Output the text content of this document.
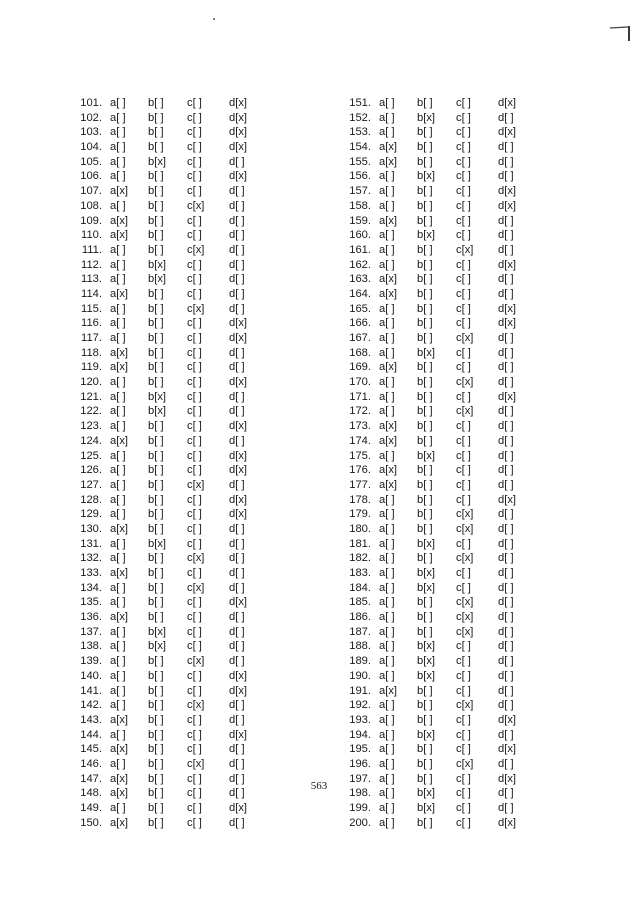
101. a[ ] b[ ] c[ ] d[x]
102. a[ ] b[ ] c[ ] d[x]
103. a[ ] b[ ] c[ ] d[x]
104. a[ ] b[ ] c[ ] d[x]
105. a[ ] b[x] c[ ] d[ ]
106. a[ ] b[ ] c[ ] d[x]
107. a[x] b[ ] c[ ] d[ ]
108. a[ ] b[ ] c[x] d[ ]
109. a[x] b[ ] c[ ] d[ ]
110. a[x] b[ ] c[ ] d[ ]
111. a[ ] b[ ] c[x] d[ ]
112. a[ ] b[x] c[ ] d[ ]
113. a[ ] b[x] c[ ] d[ ]
114. a[x] b[ ] c[ ] d[ ]
115. a[ ] b[ ] c[x] d[ ]
116. a[ ] b[ ] c[ ] d[x]
117. a[ ] b[ ] c[ ] d[x]
118. a[x] b[ ] c[ ] d[ ]
119. a[x] b[ ] c[ ] d[ ]
120. a[ ] b[ ] c[ ] d[x]
121. a[ ] b[x] c[ ] d[ ]
122. a[ ] b[x] c[ ] d[ ]
123. a[ ] b[ ] c[ ] d[x]
124. a[x] b[ ] c[ ] d[ ]
125. a[ ] b[ ] c[ ] d[x]
126. a[ ] b[ ] c[ ] d[x]
127. a[ ] b[ ] c[x] d[ ]
128. a[ ] b[ ] c[ ] d[x]
129. a[ ] b[ ] c[ ] d[x]
130. a[x] b[ ] c[ ] d[ ]
131. a[ ] b[x] c[ ] d[ ]
132. a[ ] b[ ] c[x] d[ ]
133. a[x] b[ ] c[ ] d[ ]
134. a[ ] b[ ] c[x] d[ ]
135. a[ ] b[ ] c[ ] d[x]
136. a[x] b[ ] c[ ] d[ ]
137. a[ ] b[x] c[ ] d[ ]
138. a[ ] b[x] c[ ] d[ ]
139. a[ ] b[ ] c[x] d[ ]
140. a[ ] b[ ] c[ ] d[x]
141. a[ ] b[ ] c[ ] d[x]
142. a[ ] b[ ] c[x] d[ ]
143. a[x] b[ ] c[ ] d[ ]
144. a[ ] b[ ] c[ ] d[x]
145. a[x] b[ ] c[ ] d[ ]
146. a[ ] b[ ] c[x] d[ ]
147. a[x] b[ ] c[ ] d[ ]
148. a[x] b[ ] c[ ] d[ ]
149. a[ ] b[ ] c[ ] d[x]
150. a[x] b[ ] c[ ] d[ ]
151. a[ ] b[ ] c[ ] d[x]
152. a[ ] b[x] c[ ] d[ ]
153. a[ ] b[ ] c[ ] d[x]
154. a[x] b[ ] c[ ] d[ ]
155. a[x] b[ ] c[ ] d[ ]
156. a[ ] b[x] c[ ] d[ ]
157. a[ ] b[ ] c[ ] d[x]
158. a[ ] b[ ] c[ ] d[x]
159. a[x] b[ ] c[ ] d[ ]
160. a[ ] b[x] c[ ] d[ ]
161. a[ ] b[ ] c[x] d[ ]
162. a[ ] b[ ] c[ ] d[x]
163. a[x] b[ ] c[ ] d[ ]
164. a[x] b[ ] c[ ] d[ ]
165. a[ ] b[ ] c[ ] d[x]
166. a[ ] b[ ] c[ ] d[x]
167. a[ ] b[ ] c[x] d[ ]
168. a[ ] b[x] c[ ] d[ ]
169. a[x] b[ ] c[ ] d[ ]
170. a[ ] b[ ] c[x] d[ ]
171. a[ ] b[ ] c[ ] d[x]
172. a[ ] b[ ] c[x] d[ ]
173. a[x] b[ ] c[ ] d[ ]
174. a[x] b[ ] c[ ] d[ ]
175. a[ ] b[x] c[ ] d[ ]
176. a[x] b[ ] c[ ] d[ ]
177. a[x] b[ ] c[ ] d[ ]
178. a[ ] b[ ] c[ ] d[x]
179. a[ ] b[ ] c[x] d[ ]
180. a[ ] b[ ] c[x] d[ ]
181. a[ ] b[x] c[ ] d[ ]
182. a[ ] b[ ] c[x] d[ ]
183. a[ ] b[x] c[ ] d[ ]
184. a[ ] b[x] c[ ] d[ ]
185. a[ ] b[ ] c[x] d[ ]
186. a[ ] b[ ] c[x] d[ ]
187. a[ ] b[ ] c[x] d[ ]
188. a[ ] b[x] c[ ] d[ ]
189. a[ ] b[x] c[ ] d[ ]
190. a[ ] b[x] c[ ] d[ ]
191. a[x] b[ ] c[ ] d[ ]
192. a[ ] b[ ] c[x] d[ ]
193. a[ ] b[ ] c[ ] d[x]
194. a[ ] b[x] c[ ] d[ ]
195. a[ ] b[ ] c[ ] d[x]
196. a[ ] b[ ] c[x] d[ ]
197. a[ ] b[ ] c[ ] d[x]
198. a[ ] b[x] c[ ] d[ ]
199. a[ ] b[x] c[ ] d[ ]
200. a[ ] b[ ] c[ ] d[x]
563
